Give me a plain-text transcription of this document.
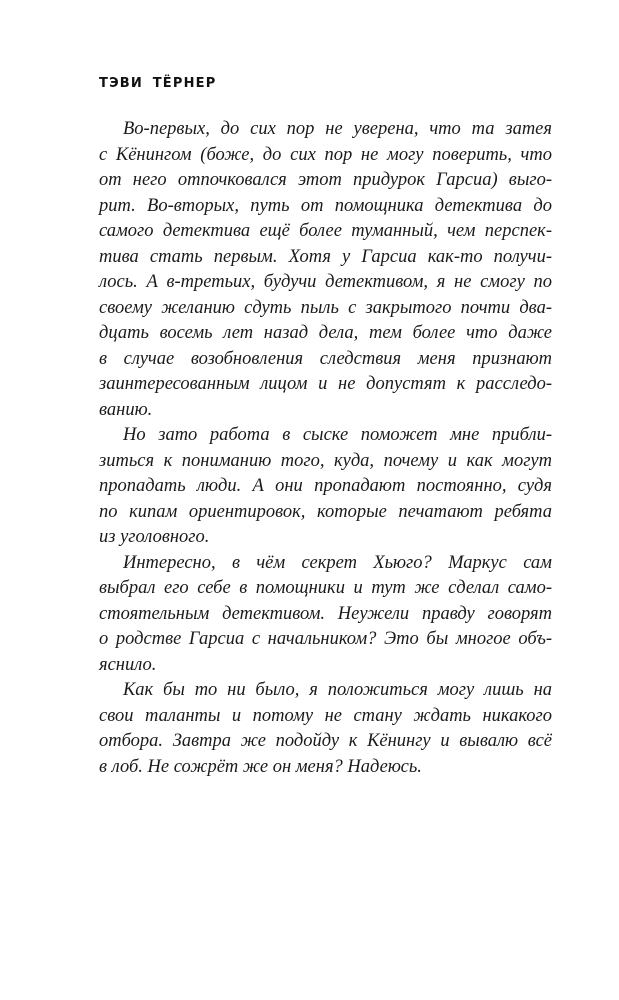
ТЭВИ ТЁРНЕР
Во-первых, до сих пор не уверена, что та затея
с Кёнингом (боже, до сих пор не могу поверить, что
от него отпочковался этот придурок Гарсиа) выго-
рит. Во-вторых, путь от помощника детектива до
самого детектива ещё более туманный, чем перспек-
тива стать первым. Хотя у Гарсиа как-то получи-
лось. А в-третьих, будучи детективом, я не смогу по
своему желанию сдуть пыль с закрытого почти два-
дцать восемь лет назад дела, тем более что даже
в случае возобновления следствия меня признают
заинтересованным лицом и не допустят к расследо-
ванию.
Но зато работа в сыске поможет мне прибли-
зиться к пониманию того, куда, почему и как могут
пропадать люди. А они пропадают постоянно, судя
по кипам ориентировок, которые печатают ребята
из уголовного.
Интересно, в чём секрет Хьюго? Маркус сам
выбрал его себе в помощники и тут же сделал само-
стоятельным детективом. Неужели правду говорят
о родстве Гарсиа с начальником? Это бы многое объ-
яснило.
Как бы то ни было, я положиться могу лишь на
свои таланты и потому не стану ждать никакого
отбора. Завтра же подойду к Кёнингу и вывалю всё
в лоб. Не сожрёт же он меня? Надеюсь.
